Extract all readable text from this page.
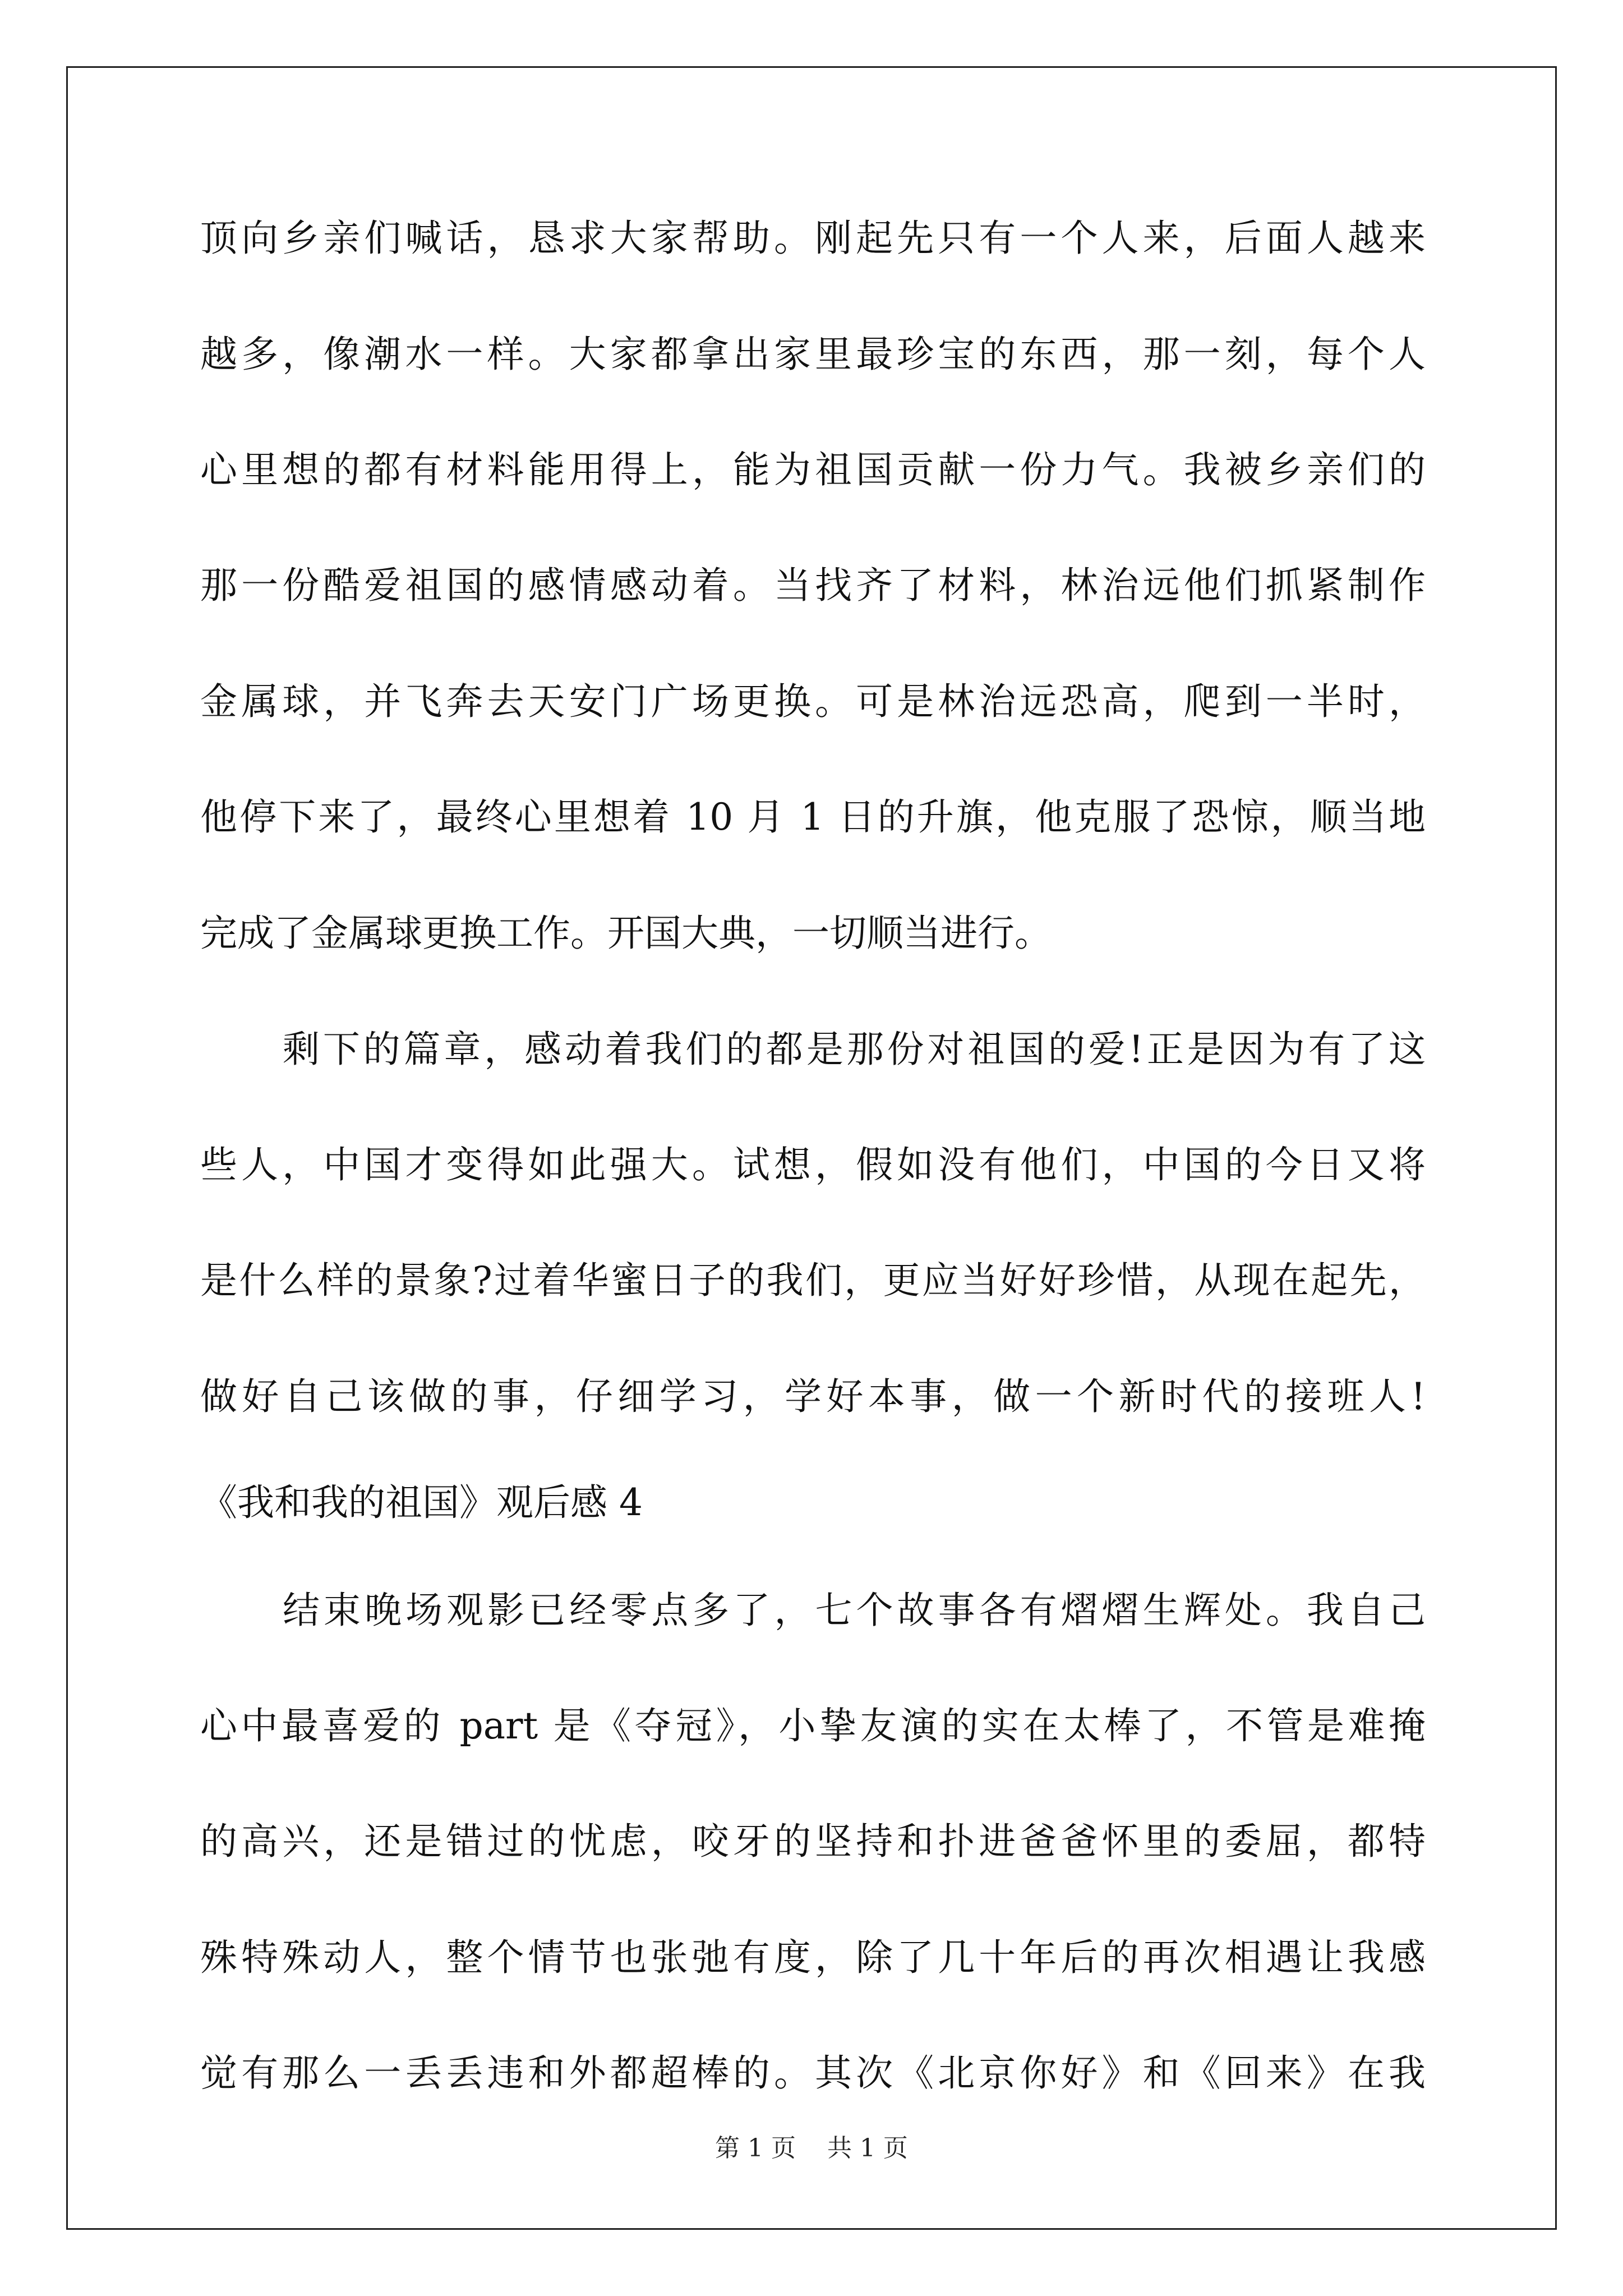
顶向乡亲们喊话，恳求大家帮助。刚起先只有一个人来，后面人越来
越多，像潮水一样。大家都拿出家里最珍宝的东西，那一刻，每个人
心里想的都有材料能用得上，能为祖国贡献一份力气。我被乡亲们的
那一份酷爱祖国的感情感动着。当找齐了材料，林治远他们抓紧制作
金属球，并飞奔去天安门广场更换。可是林治远恐高，爬到一半时，
他停下来了，最终心里想着 10 月 1 日的升旗，他克服了恐惊，顺当地
完成了金属球更换工作。开国大典，一切顺当进行。
剩下的篇章，感动着我们的都是那份对祖国的爱!正是因为有了这
些人，中国才变得如此强大。试想，假如没有他们，中国的今日又将
是什么样的景象?过着华蜜日子的我们，更应当好好珍惜，从现在起先，
做好自己该做的事，仔细学习，学好本事，做一个新时代的接班人!
《我和我的祖国》观后感 4
结束晚场观影已经零点多了，七个故事各有熠熠生辉处。我自己
心中最喜爱的 part 是《夺冠》，小挚友演的实在太棒了，不管是难掩
的高兴，还是错过的忧虑，咬牙的坚持和扑进爸爸怀里的委屈，都特
殊特殊动人，整个情节也张弛有度，除了几十年后的再次相遇让我感
觉有那么一丢丢违和外都超棒的。其次《北京你好》和《回来》在我
第 1 页    共 1 页
